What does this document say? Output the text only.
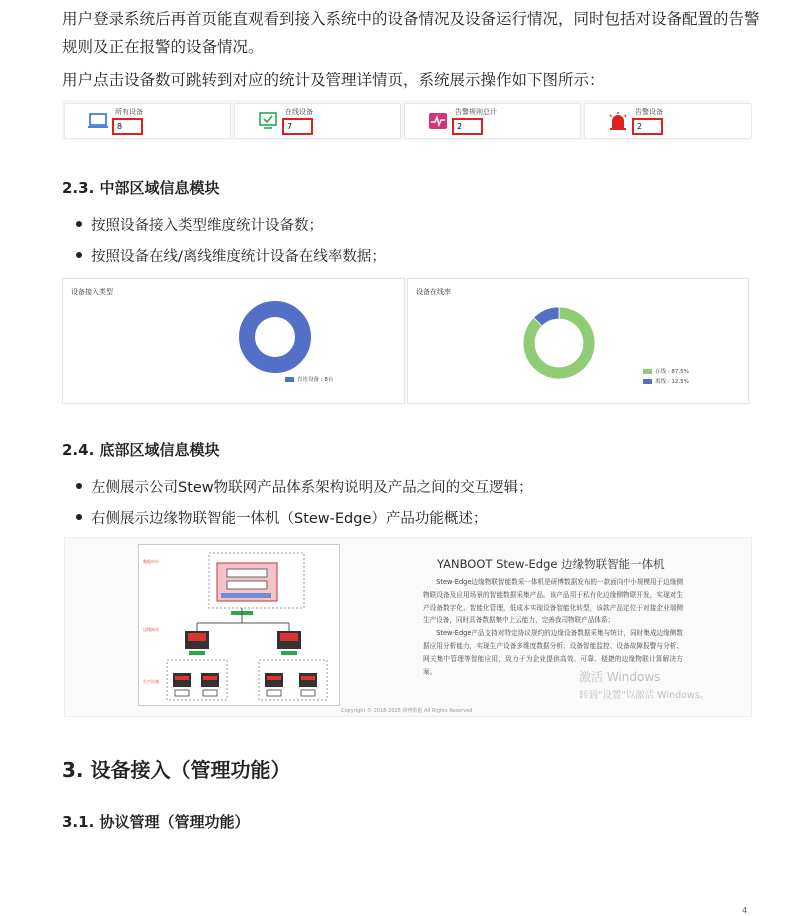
用户登录系统后再首页能直观看到接入系统中的设备情况及设备运行情况，同时包括对设备配置的告警规则及正在报警的设备情况。
用户点击设备数可跳转到对应的统计及管理详情页，系统展示操作如下图所示：
所有设备
8
在线设备
7
告警规则总计
2
告警设备
2
2.3. 中部区域信息模块
按照设备接入类型维度统计设备数；
按照设备在线/离线维度统计设备在线率数据；
设备接入类型
直连设备 : 8台
设备在线率
在线 : 87.5%
离线 : 12.5%
2.4. 底部区域信息模块
左侧展示公司Stew物联网产品体系架构说明及产品之间的交互逻辑；
右侧展示边缘物联智能一体机（Stew-Edge）产品功能概述；
数据中台
边缘网关
生产设备
YANBOOT Stew-Edge 边缘物联智能一体机
Stew-Edge边缘物联智能数采一体机是研博数据发布的一款面向中小规模用于边缘侧物联设备及应用场景的智能数据采集产品。该产品用于私有化边缘侧物联开发，实现对生产设备数字化、智能化管理，低成本实现设备智能化转型，该款产品定位于对接企业端侧生产设备，同时具备数据集中上云能力，完善我司物联产品体系；
Stew-Edge产品支持对特定协议规约的边缘设备数据采集与统计，同时集成边缘侧数据应用分析能力，实现生产设备多维度数据分析、设备智能监控、设备故障报警与分析、网关集中管理等智能应用，致力于为企业提供高效、可靠、便捷的边缘物联计算解决方案。
Copyright © 2018-2025 研博数据 All Rights Reserved
激活 Windows
转到"设置"以激活 Windows。
3. 设备接入（管理功能）
3.1. 协议管理（管理功能）
4
